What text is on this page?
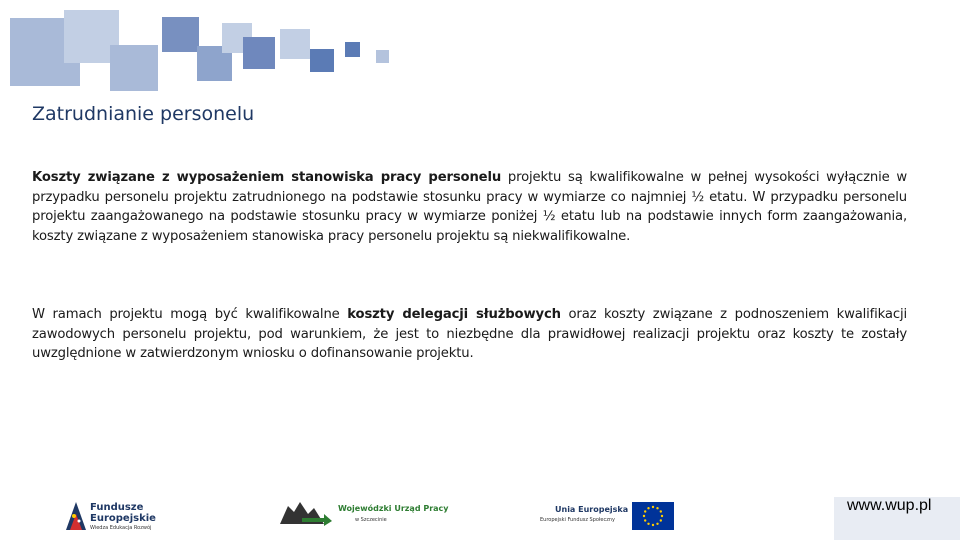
Zatrudnianie personelu
Koszty związane z wyposażeniem stanowiska pracy personelu projektu są kwalifikowalne w pełnej wysokości wyłącznie w przypadku personelu projektu zatrudnionego na podstawie stosunku pracy w wymiarze co najmniej ½ etatu. W przypadku personelu projektu zaangażowanego na podstawie stosunku pracy w wymiarze poniżej ½ etatu lub na podstawie innych form zaangażowania, koszty związane z wyposażeniem stanowiska pracy personelu projektu są niekwalifikowalne.
W ramach projektu mogą być kwalifikowalne koszty delegacji służbowych oraz koszty związane z podnoszeniem kwalifikacji zawodowych personelu projektu, pod warunkiem, że jest to niezbędne dla prawidłowej realizacji projektu oraz koszty te zostały uwzględnione w zatwierdzonym wniosku o dofinansowanie projektu.
Fundusze
Europejskie
Wiedza Edukacja Rozwój
Wojewódzki Urząd Pracy
w Szczecinie
Unia Europejska
Europejski Fundusz Społeczny
www.wup.pl
